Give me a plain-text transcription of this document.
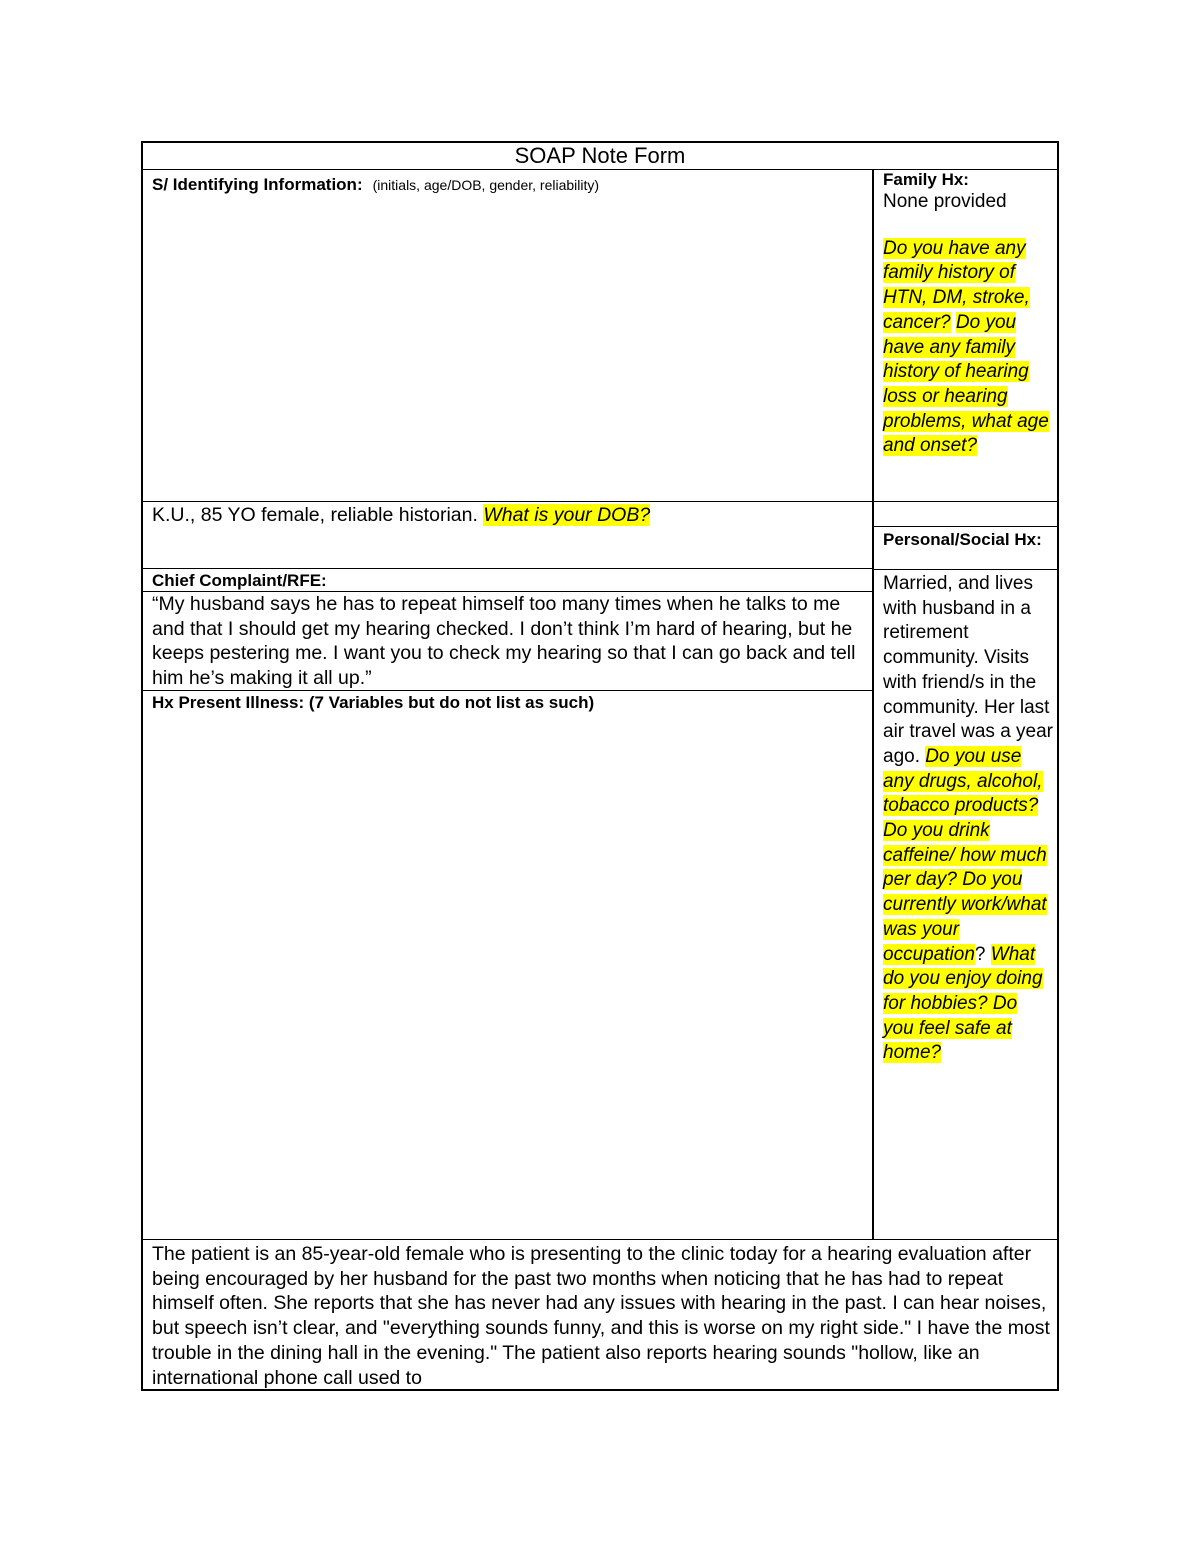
SOAP Note Form
S/ Identifying Information: (initials, age/DOB, gender, reliability)	Family Hx:
None provided
Do you have any family history of HTN, DM, stroke, cancer? Do you have any family history of hearing loss or hearing problems, what age and onset?
K.U., 85 YO female, reliable historian. What is your DOB?
Personal/Social Hx:
Married, and lives with husband in a retirement community. Visits with friend/s in the community. Her last air travel was a year ago. Do you use any drugs, alcohol, tobacco products? Do you drink caffeine/ how much per day? Do you currently work/what was your occupation? What do you enjoy doing for hobbies? Do you feel safe at home?
Chief Complaint/RFE:
“My husband says he has to repeat himself too many times when he talks to me and that I should get my hearing checked. I don’t think I’m hard of hearing, but he keeps pestering me. I want you to check my hearing so that I can go back and tell him he’s making it all up.”
Hx Present Illness: (7 Variables but do not list as such)
The patient is an 85-year-old female who is presenting to the clinic today for a hearing evaluation after being encouraged by her husband for the past two months when noticing that he has had to repeat himself often. She reports that she has never had any issues with hearing in the past. I can hear noises, but speech isn’t clear, and "everything sounds funny, and this is worse on my right side." I have the most trouble in the dining hall in the evening." The patient also reports hearing sounds "hollow, like an international phone call used to
